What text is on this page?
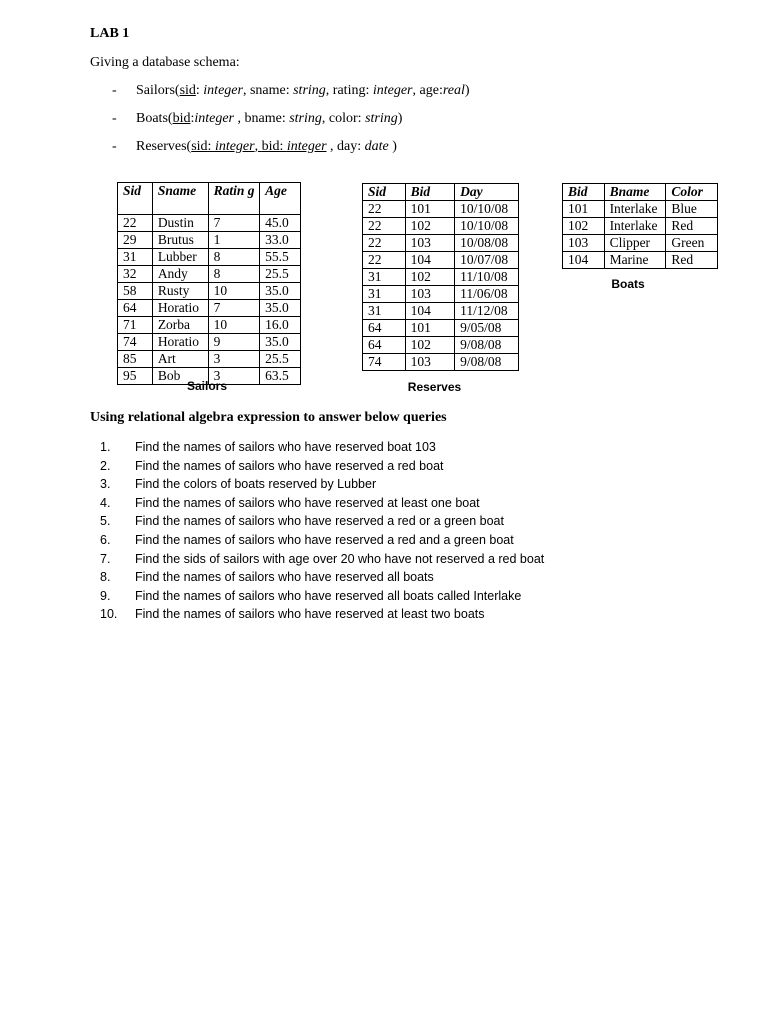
LAB 1
Giving a database schema:
- Sailors(sid: integer, sname: string, rating: integer, age:real)
- Boats(bid:integer , bname: string, color: string)
- Reserves(sid: integer, bid: integer , day: date )
Sid	Sname	Ratin g	Age
22	Dustin	7	45.0
29	Brutus	1	33.0
31	Lubber	8	55.5
32	Andy	8	25.5
58	Rusty	10	35.0
64	Horatio	7	35.0
71	Zorba	10	16.0
74	Horatio	9	35.0
85	Art	3	25.5
95	Bob	3	63.5
Sailors
Sid	Bid	Day
22	101	10/10/08
22	102	10/10/08
22	103	10/08/08
22	104	10/07/08
31	102	11/10/08
31	103	11/06/08
31	104	11/12/08
64	101	9/05/08
64	102	9/08/08
74	103	9/08/08
Reserves
Bid	Bname	Color
101	Interlake	Blue
102	Interlake	Red
103	Clipper	Green
104	Marine	Red
Boats
Using relational algebra expression to answer below queries
1. Find the names of sailors who have reserved boat 103
2. Find the names of sailors who have reserved a red boat
3. Find the colors of boats reserved by Lubber
4. Find the names of sailors who have reserved at least one boat
5. Find the names of sailors who have reserved a red or a green boat
6. Find the names of sailors who have reserved a red and a green boat
7. Find the sids of sailors with age over 20 who have not reserved a red boat
8. Find the names of sailors who have reserved all boats
9. Find the names of sailors who have reserved all boats called Interlake
10. Find the names of sailors who have reserved at least two boats
